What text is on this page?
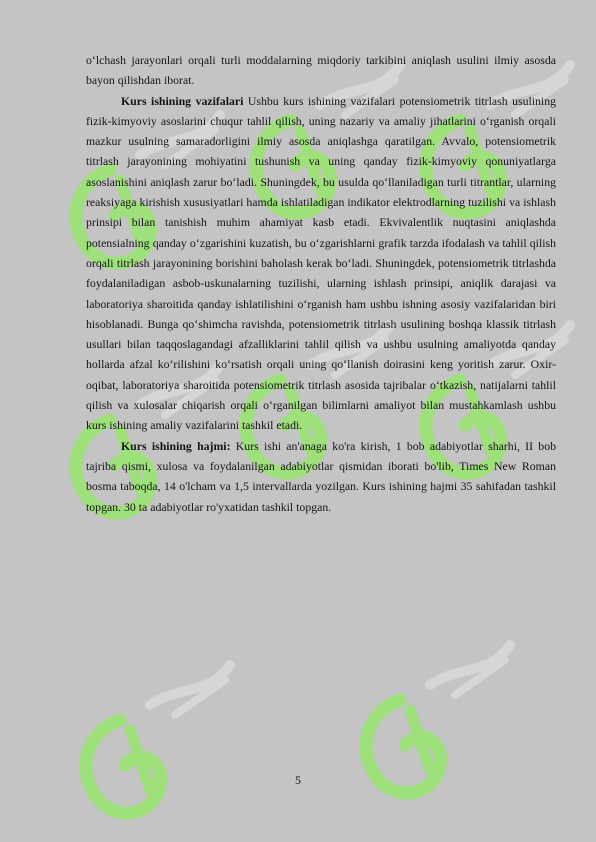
o‘lchash jarayonlari orqali turli moddalarning miqdoriy tarkibini aniqlash usulini ilmiy asosda bayon qilishdan iborat.

Kurs ishining vazifalari Ushbu kurs ishining vazifalari potensiometrik titrlash usulining fizik-kimyoviy asoslarini chuqur tahlil qilish, uning nazariy va amaliy jihatlarini o‘rganish orqali mazkur usulning samaradorligini ilmiy asosda aniqlashga qaratilgan. Avvalo, potensiometrik titrlash jarayonining mohiyatini tushunish va uning qanday fizik-kimyoviy qonuniyatlarga asoslanishini aniqlash zarur bo‘ladi. Shuningdek, bu usulda qo‘llaniladigan turli titrantlar, ularning reaksiyaga kirishish xususiyatlari hamda ishlatiladigan indikator elektrodlarning tuzilishi va ishlash prinsipi bilan tanishish muhim ahamiyat kasb etadi. Ekvivalentlik nuqtasini aniqlashda potensialning qanday o‘zgarishini kuzatish, bu o‘zgarishlarni grafik tarzda ifodalash va tahlil qilish orqali titrlash jarayonining borishini baholash kerak bo‘ladi. Shuningdek, potensiometrik titrlashda foydalaniladigan asbob-uskunalarning tuzilishi, ularning ishlash prinsipi, aniqlik darajasi va laboratoriya sharoitida qanday ishlatilishini o‘rganish ham ushbu ishning asosiy vazifalaridan biri hisoblanadi. Bunga qo‘shimcha ravishda, potensiometrik titrlash usulining boshqa klassik titrlash usullari bilan taqqoslagandagi afzalliklarini tahlil qilish va ushbu usulning amaliyotda qanday hollarda afzal ko‘rilishini ko‘rsatish orqali uning qo‘llanish doirasini keng yoritish zarur. Oxir-oqibat, laboratoriya sharoitida potensiometrik titrlash asosida tajribalar o‘tkazish, natijalarni tahlil qilish va xulosalar chiqarish orqali o‘rganilgan bilimlarni amaliyot bilan mustahkamlash ushbu kurs ishining amaliy vazifalarini tashkil etadi.

Kurs ishining hajmi: Kurs ishi an'anaga ko'ra kirish, 1 bob adabiyotlar sharhi, II bob tajriba qismi, xulosa va foydalanilgan adabiyotlar qismidan iborati bo'lib, Times New Roman bosma taboqda, 14 o'lcham va 1,5 intervallarda yozilgan. Kurs ishining hajmi 35 sahifadan tashkil topgan. 30 ta adabiyotlar ro'yxatidan tashkil topgan.

5
